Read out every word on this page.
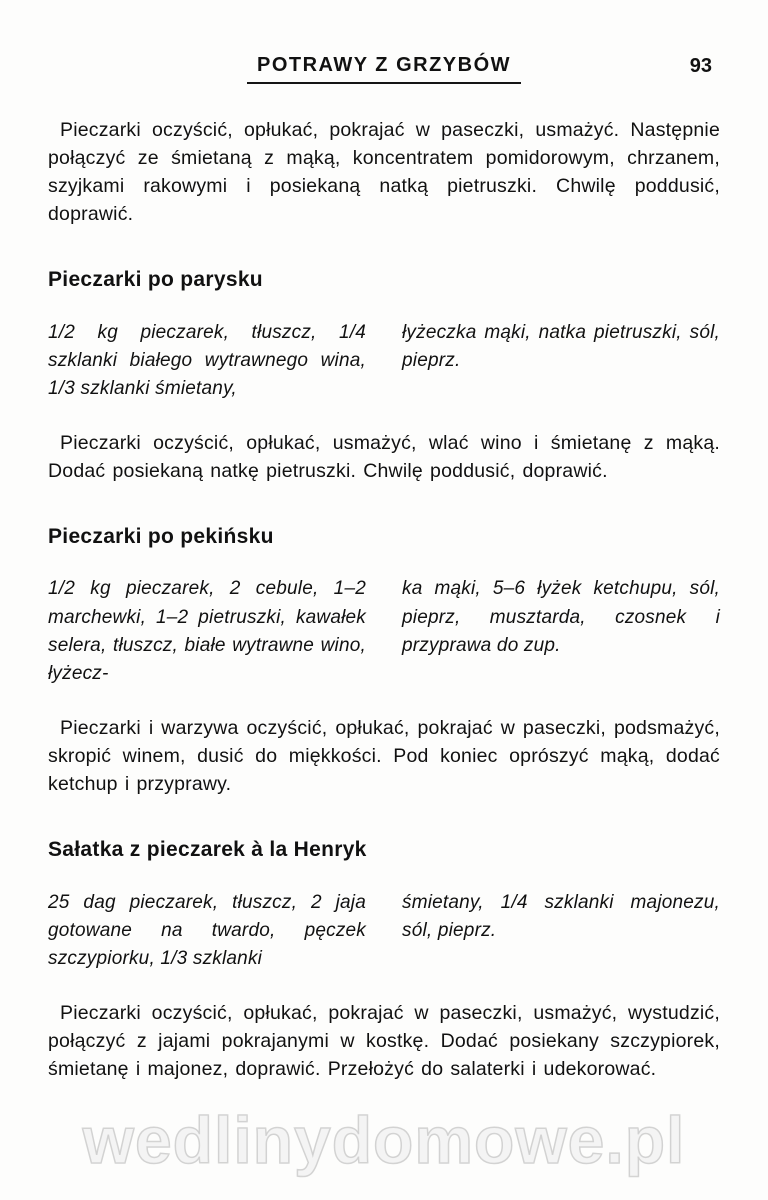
POTRAWY Z GRZYBÓW	93

Pieczarki oczyścić, opłukać, pokrajać w paseczki, usmażyć. Następnie połączyć ze śmietaną z mąką, koncentratem pomidorowym, chrzanem, szyjkami rakowymi i posiekaną natką pietruszki. Chwilę poddusić, doprawić.

Pieczarki po parysku

1/2 kg pieczarek, tłuszcz, 1/4 szklanki białego wytrawnego wina, 1/3 szklanki śmietany,

łyżeczka mąki, natka pietruszki, sól, pieprz.

Pieczarki oczyścić, opłukać, usmażyć, wlać wino i śmietanę z mąką. Dodać posiekaną natkę pietruszki. Chwilę poddusić, doprawić.

Pieczarki po pekińsku

1/2 kg pieczarek, 2 cebule, 1–2 marchewki, 1–2 pietruszki, kawałek selera, tłuszcz, białe wytrawne wino, łyżecz-

ka mąki, 5–6 łyżek ketchupu, sól, pieprz, musztarda, czosnek i przyprawa do zup.

Pieczarki i warzywa oczyścić, opłukać, pokrajać w paseczki, podsmażyć, skropić winem, dusić do miękkości. Pod koniec oprószyć mąką, dodać ketchup i przyprawy.

Sałatka z pieczarek à la Henryk

25 dag pieczarek, tłuszcz, 2 jaja gotowane na twardo, pęczek szczypiorku, 1/3 szklanki

śmietany, 1/4 szklanki majonezu, sól, pieprz.

Pieczarki oczyścić, opłukać, pokrajać w paseczki, usmażyć, wystudzić, połączyć z jajami pokrajanymi w kostkę. Dodać posiekany szczypiorek, śmietanę i majonez, doprawić. Przełożyć do salaterki i udekorować.

wedlinydomowe.pl
